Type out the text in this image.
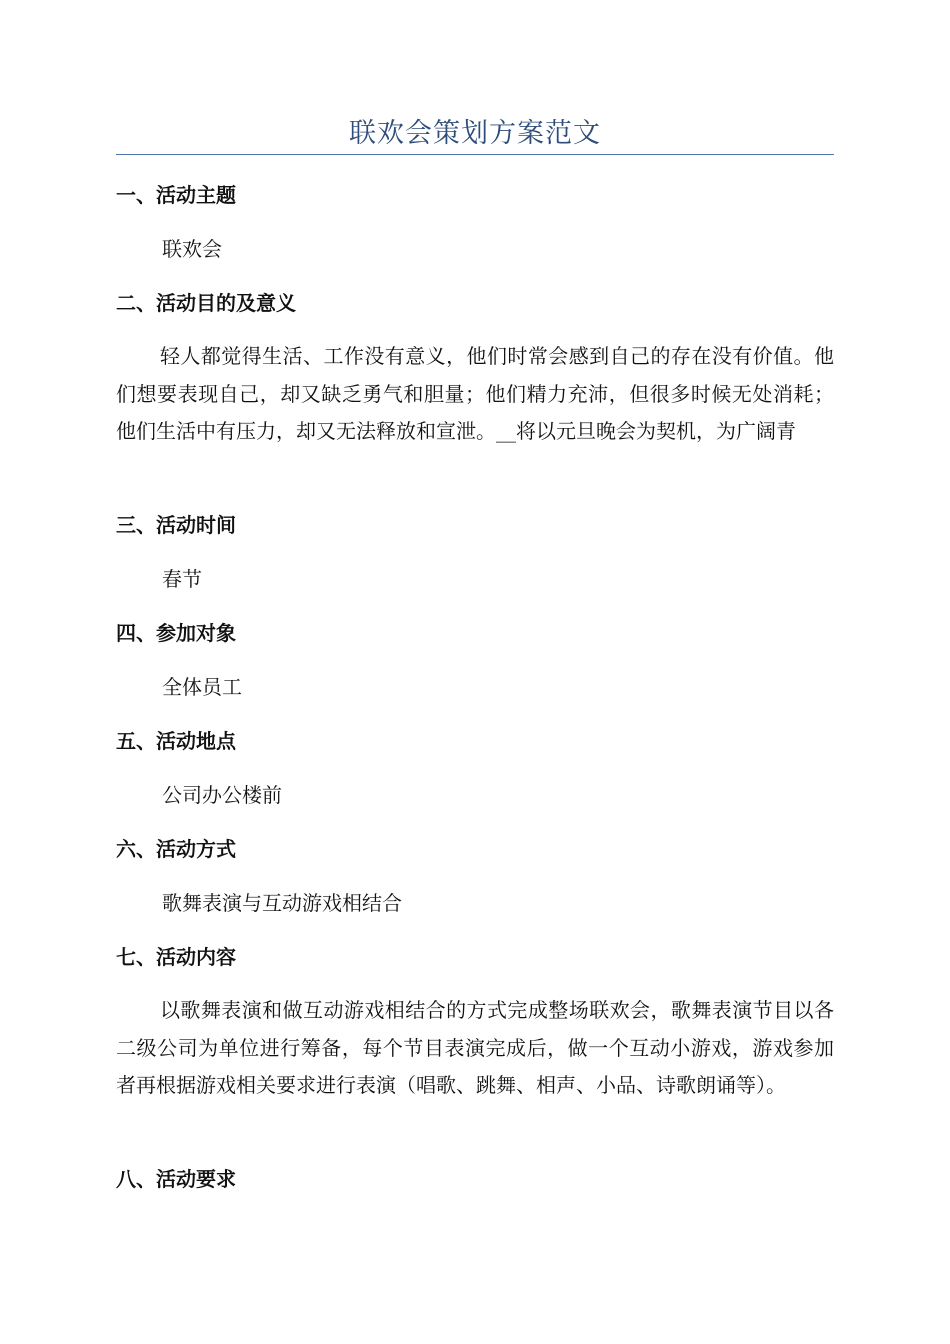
联欢会策划方案范文
一、活动主题
联欢会
二、活动目的及意义
轻人都觉得生活、工作没有意义，他们时常会感到自己的存在没有价值。他们想要表现自己，却又缺乏勇气和胆量；他们精力充沛，但很多时候无处消耗；他们生活中有压力，却又无法释放和宣泄。__将以元旦晚会为契机，为广阔青
三、活动时间
春节
四、参加对象
全体员工
五、活动地点
公司办公楼前
六、活动方式
歌舞表演与互动游戏相结合
七、活动内容
以歌舞表演和做互动游戏相结合的方式完成整场联欢会，歌舞表演节目以各二级公司为单位进行筹备，每个节目表演完成后，做一个互动小游戏，游戏参加者再根据游戏相关要求进行表演（唱歌、跳舞、相声、小品、诗歌朗诵等）。
八、活动要求
